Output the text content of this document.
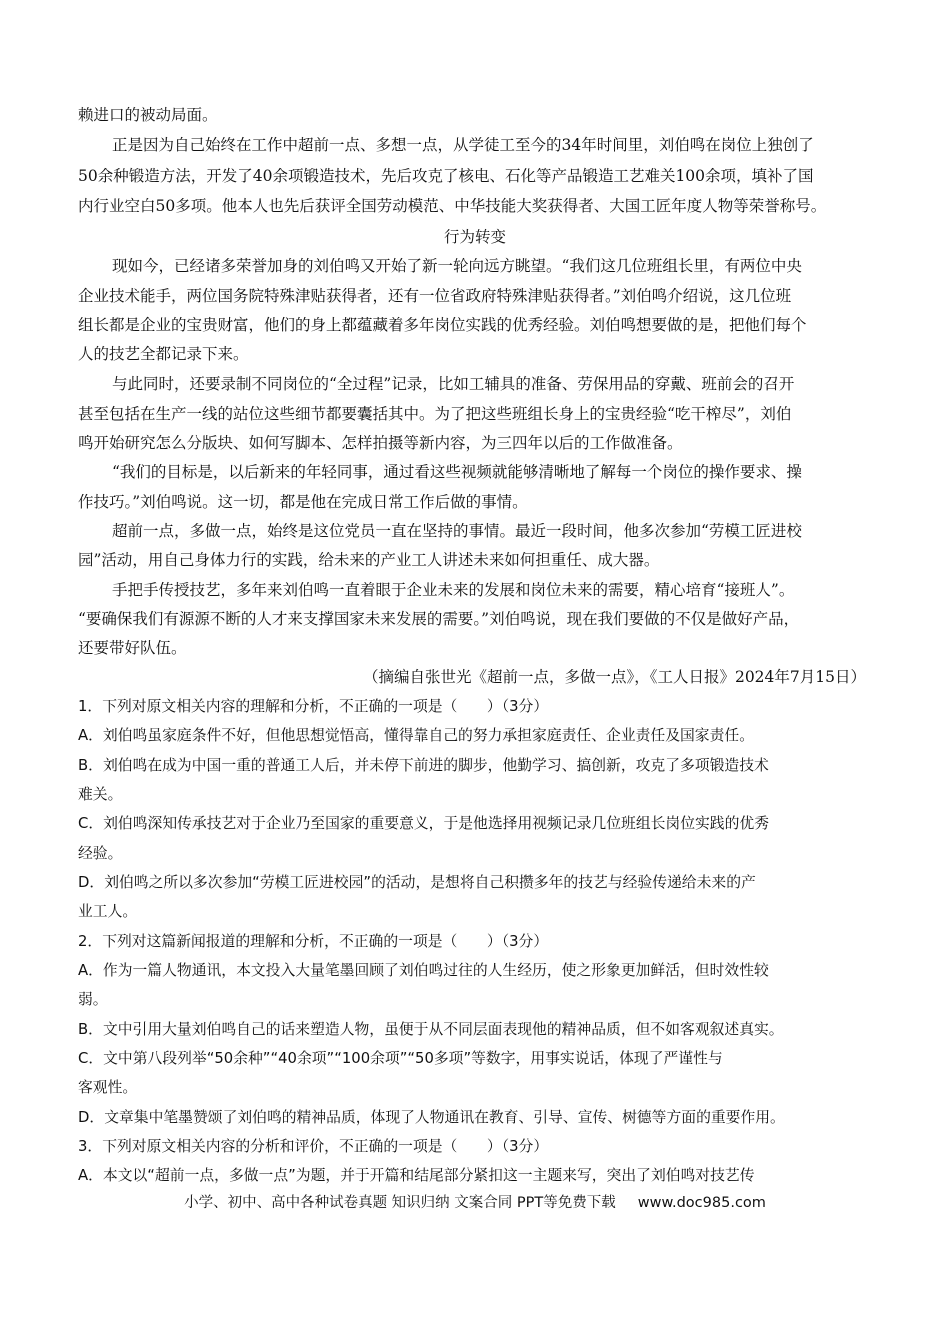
赖进口的被动局面。
正是因为自己始终在工作中超前一点、多想一点，从学徒工至今的34年时间里，刘伯鸣在岗位上独创了
50余种锻造方法，开发了40余项锻造技术，先后攻克了核电、石化等产品锻造工艺难关100余项，填补了国
内行业空白50多项。他本人也先后获评全国劳动模范、中华技能大奖获得者、大国工匠年度人物等荣誉称号。
行为转变
现如今，已经诸多荣誉加身的刘伯鸣又开始了新一轮向远方眺望。“我们这几位班组长里，有两位中央
企业技术能手，两位国务院特殊津贴获得者，还有一位省政府特殊津贴获得者。”刘伯鸣介绍说，这几位班
组长都是企业的宝贵财富，他们的身上都蕴藏着多年岗位实践的优秀经验。刘伯鸣想要做的是，把他们每个
人的技艺全都记录下来。
与此同时，还要录制不同岗位的“全过程”记录，比如工辅具的准备、劳保用品的穿戴、班前会的召开
甚至包括在生产一线的站位这些细节都要囊括其中。为了把这些班组长身上的宝贵经验“吃干榨尽”，刘伯
鸣开始研究怎么分版块、如何写脚本、怎样拍摄等新内容，为三四年以后的工作做准备。
“我们的目标是，以后新来的年轻同事，通过看这些视频就能够清晰地了解每一个岗位的操作要求、操
作技巧。”刘伯鸣说。这一切，都是他在完成日常工作后做的事情。
超前一点，多做一点，始终是这位党员一直在坚持的事情。最近一段时间，他多次参加“劳模工匠进校
园”活动，用自己身体力行的实践，给未来的产业工人讲述未来如何担重任、成大器。
手把手传授技艺，多年来刘伯鸣一直着眼于企业未来的发展和岗位未来的需要，精心培育“接班人”。
“要确保我们有源源不断的人才来支撑国家未来发展的需要。”刘伯鸣说，现在我们要做的不仅是做好产品，
还要带好队伍。
（摘编自张世光《超前一点，多做一点》，《工人日报》2024年7月15日）
1．下列对原文相关内容的理解和分析，不正确的一项是（　　）（3分）
A．刘伯鸣虽家庭条件不好，但他思想觉悟高，懂得靠自己的努力承担家庭责任、企业责任及国家责任。
B．刘伯鸣在成为中国一重的普通工人后，并未停下前进的脚步，他勤学习、搞创新，攻克了多项锻造技术
难关。
C．刘伯鸣深知传承技艺对于企业乃至国家的重要意义，于是他选择用视频记录几位班组长岗位实践的优秀
经验。
D．刘伯鸣之所以多次参加“劳模工匠进校园”的活动，是想将自己积攒多年的技艺与经验传递给未来的产
业工人。
2．下列对这篇新闻报道的理解和分析，不正确的一项是（　　）（3分）
A．作为一篇人物通讯，本文投入大量笔墨回顾了刘伯鸣过往的人生经历，使之形象更加鲜活，但时效性较
弱。
B．文中引用大量刘伯鸣自己的话来塑造人物，虽便于从不同层面表现他的精神品质，但不如客观叙述真实。
C．文中第八段列举“50余种”“40余项”“100余项”“50多项”等数字，用事实说话，体现了严谨性与
客观性。
D．文章集中笔墨赞颂了刘伯鸣的精神品质，体现了人物通讯在教育、引导、宣传、树德等方面的重要作用。
3．下列对原文相关内容的分析和评价，不正确的一项是（　　）（3分）
A．本文以“超前一点，多做一点”为题，并于开篇和结尾部分紧扣这一主题来写，突出了刘伯鸣对技艺传
小学、初中、高中各种试卷真题 知识归纳 文案合同 PPT等免费下载 www.doc985.com
